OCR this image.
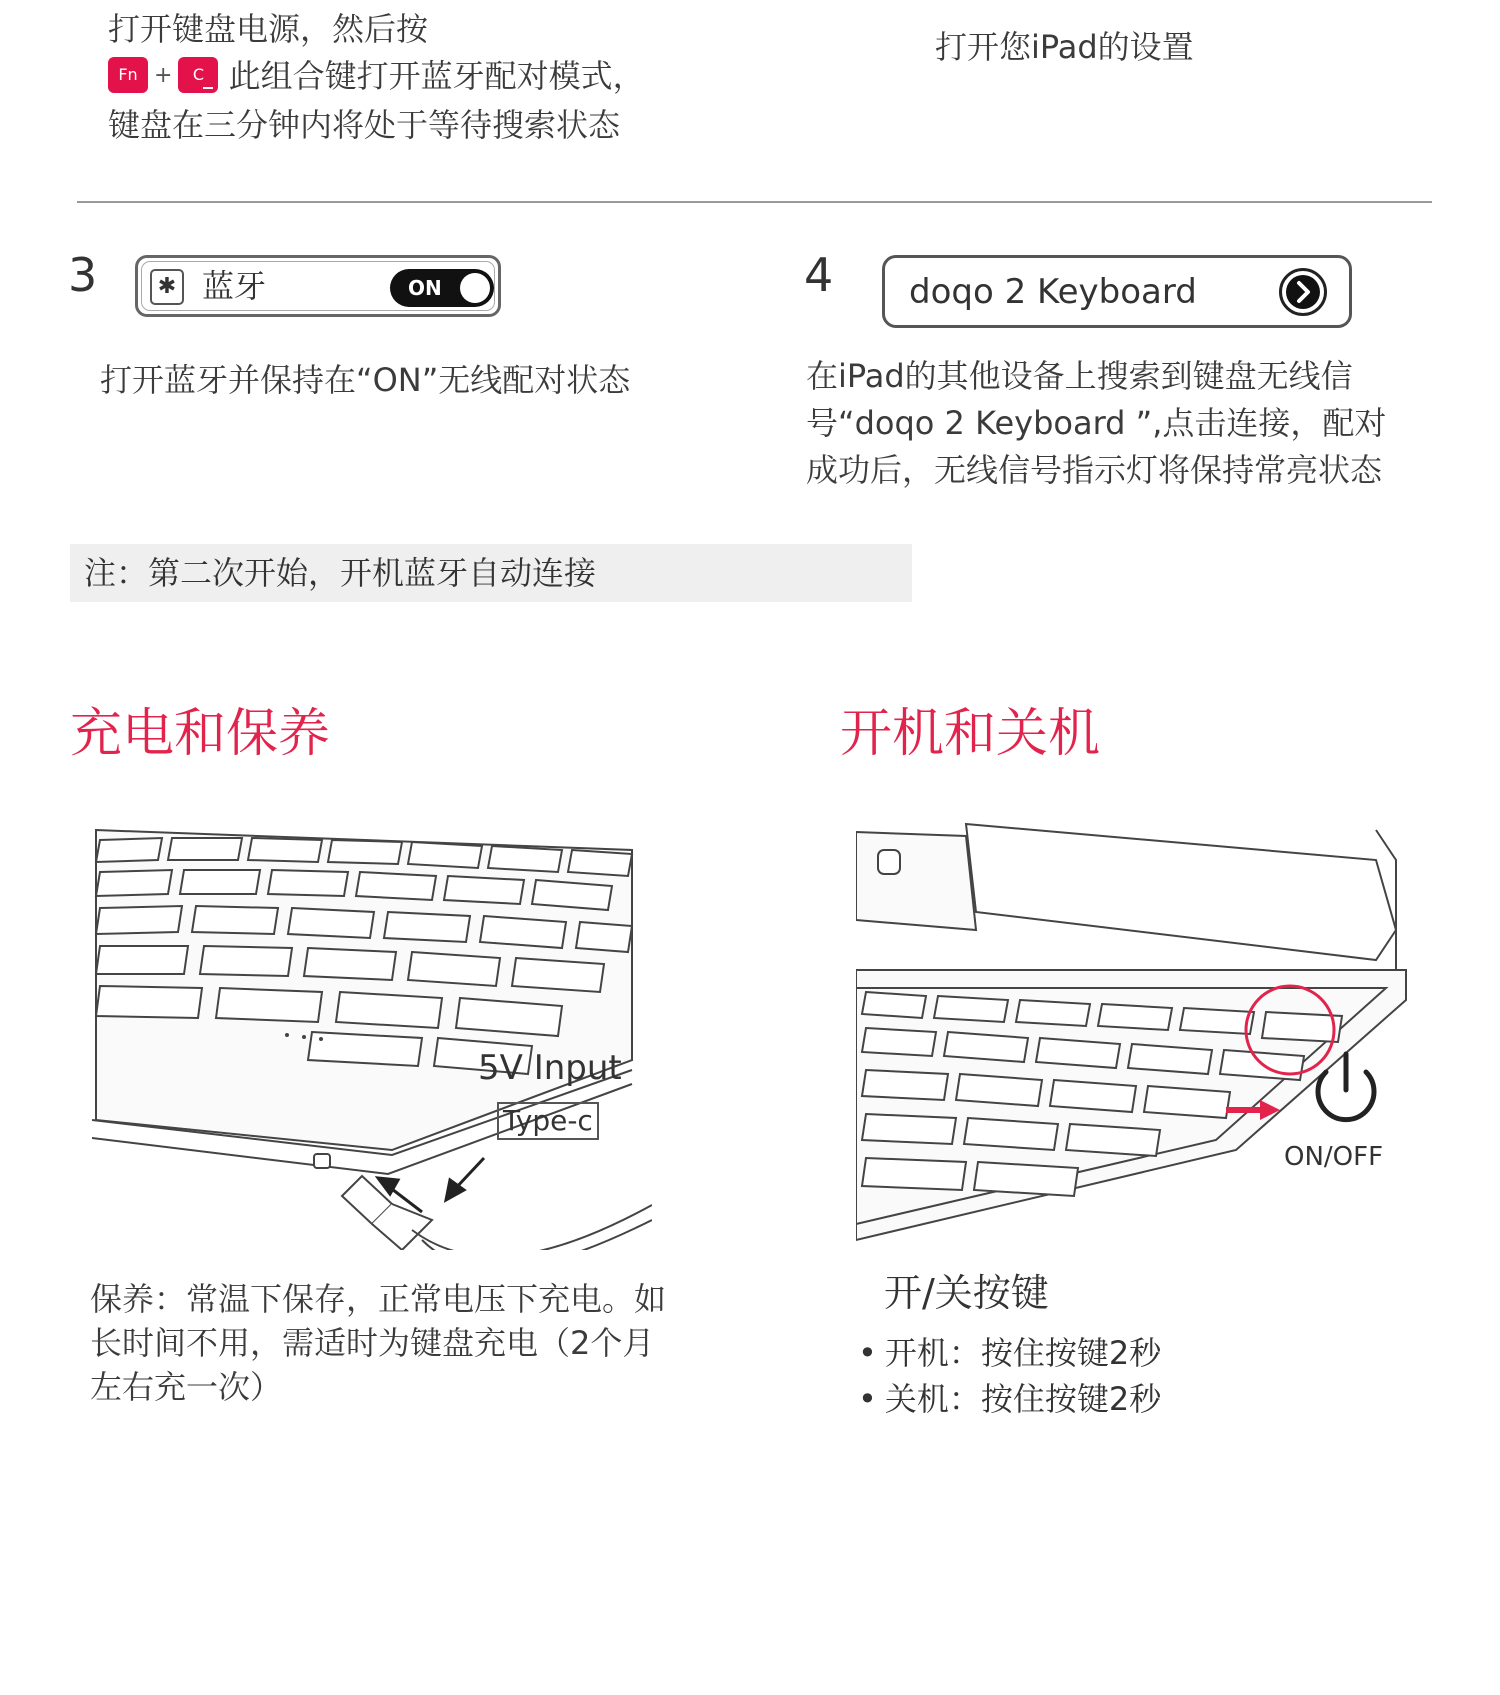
打开键盘电源，然后按
Fn + C 此组合键打开蓝牙配对模式，
键盘在三分钟内将处于等待搜索状态
打开您iPad的设置
3	✱ 蓝牙	ON
打开蓝牙并保持在“ON”无线配对状态
4 doqo 2 Keyboard
在iPad的其他设备上搜索到键盘无线信
号“doqo 2 Keyboard ”,点击连接，配对
成功后，无线信号指示灯将保持常亮状态
注：第二次开始，开机蓝牙自动连接
充电和保养
5V Input
Type-c
保养：常温下保存，正常电压下充电。如
长时间不用，需适时为键盘充电（2个月
左右充一次）
开机和关机
ON/OFF
开/关按键
• 开机：按住按键2秒
• 关机：按住按键2秒
